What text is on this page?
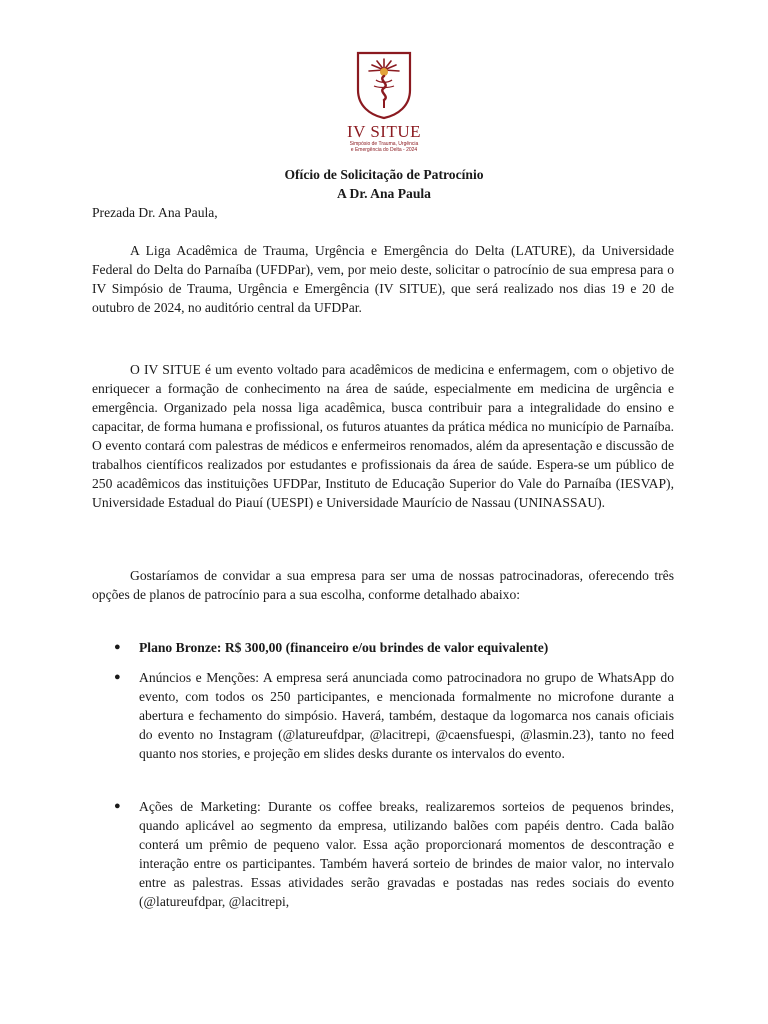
IV SITUE
Simpósio de Trauma, Urgência
e Emergência do Delta - 2024
Ofício de Solicitação de Patrocínio
A Dr. Ana Paula

Prezada Dr. Ana Paula,

A Liga Acadêmica de Trauma, Urgência e Emergência do Delta (LATURE), da Universidade Federal do Delta do Parnaíba (UFDPar), vem, por meio deste, solicitar o patrocínio de sua empresa para o IV Simpósio de Trauma, Urgência e Emergência (IV SITUE), que será realizado nos dias 19 e 20 de outubro de 2024, no auditório central da UFDPar.

O IV SITUE é um evento voltado para acadêmicos de medicina e enfermagem, com o objetivo de enriquecer a formação de conhecimento na área de saúde, especialmente em medicina de urgência e emergência. Organizado pela nossa liga acadêmica, busca contribuir para a integralidade do ensino e capacitar, de forma humana e profissional, os futuros atuantes da prática médica no município de Parnaíba. O evento contará com palestras de médicos e enfermeiros renomados, além da apresentação e discussão de trabalhos científicos realizados por estudantes e profissionais da área de saúde. Espera-se um público de 250 acadêmicos das instituições UFDPar, Instituto de Educação Superior do Vale do Parnaíba (IESVAP), Universidade Estadual do Piauí (UESPI) e Universidade Maurício de Nassau (UNINASSAU).

Gostaríamos de convidar a sua empresa para ser uma de nossas patrocinadoras, oferecendo três opções de planos de patrocínio para a sua escolha, conforme detalhado abaixo:

● Plano Bronze: R$ 300,00 (financeiro e/ou brindes de valor equivalente)
● Anúncios e Menções: A empresa será anunciada como patrocinadora no grupo de WhatsApp do evento, com todos os 250 participantes, e mencionada formalmente no microfone durante a abertura e fechamento do simpósio. Haverá, também, destaque da logomarca nos canais oficiais do evento no Instagram (@latureufdpar, @lacitrepi, @caensfuespi, @lasmin.23), tanto no feed quanto nos stories, e projeção em slides desks durante os intervalos do evento.
● Ações de Marketing: Durante os coffee breaks, realizaremos sorteios de pequenos brindes, quando aplicável ao segmento da empresa, utilizando balões com papéis dentro. Cada balão conterá um prêmio de pequeno valor. Essa ação proporcionará momentos de descontração e interação entre os participantes. Também haverá sorteio de brindes de maior valor, no intervalo entre as palestras. Essas atividades serão gravadas e postadas nas redes sociais do evento (@latureufdpar, @lacitrepi,
